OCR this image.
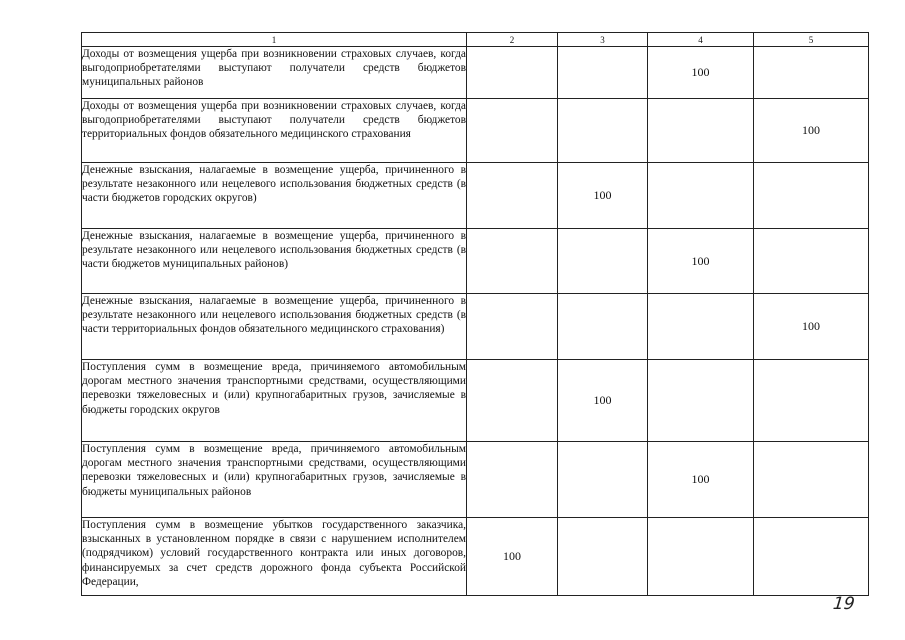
1	2	3	4	5
Доходы от возмещения ущерба при возникновении страховых случаев, когда выгодоприобретателями выступают получатели средств бюджетов муниципальных районов			100	
Доходы от возмещения ущерба при возникновении страховых случаев, когда выгодоприобретателями выступают получатели средств бюджетов территориальных фондов обязательного медицинского страхования				100
Денежные взыскания, налагаемые в возмещение ущерба, причиненного в результате незаконного или нецелевого использования бюджетных средств (в части бюджетов городских округов)		100		
Денежные взыскания, налагаемые в возмещение ущерба, причиненного в результате незаконного или нецелевого использования бюджетных средств (в части бюджетов муниципальных районов)			100	
Денежные взыскания, налагаемые в возмещение ущерба, причиненного в результате незаконного или нецелевого использования бюджетных средств (в части территориальных фондов обязательного медицинского страхования)				100
Поступления сумм в возмещение вреда, причиняемого автомобильным дорогам местного значения транспортными средствами, осуществляющими перевозки тяжеловесных и (или) крупногабаритных грузов, зачисляемые в бюджеты городских округов		100		
Поступления сумм в возмещение вреда, причиняемого автомобильным дорогам местного значения транспортными средствами, осуществляющими перевозки тяжеловесных и (или) крупногабаритных грузов, зачисляемые в бюджеты муниципальных районов			100	
Поступления сумм в возмещение убытков государственного заказчика, взысканных в установленном порядке в связи с нарушением исполнителем (подрядчиком) условий государственного контракта или иных договоров, финансируемых за счет средств дорожного фонда субъекта Российской Федерации,	100			
19
